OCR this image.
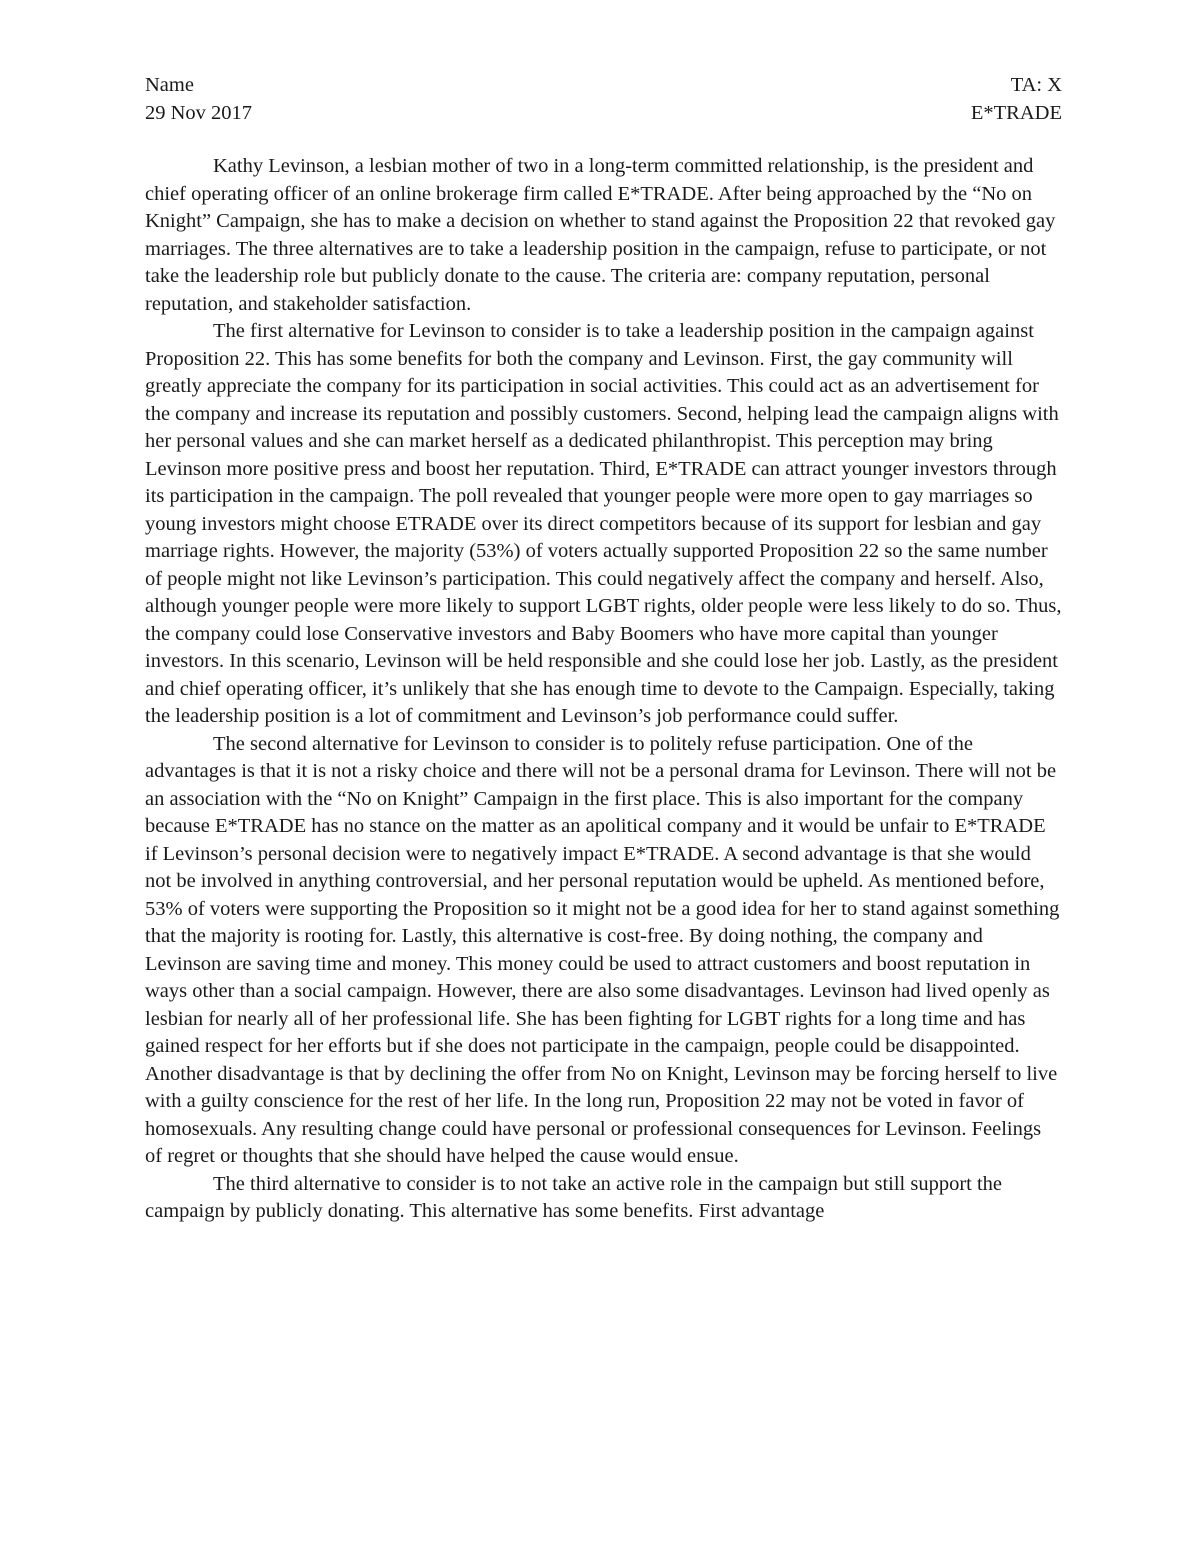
Name	TA: X
29 Nov 2017	E*TRADE

Kathy Levinson, a lesbian mother of two in a long-term committed relationship, is the president and chief operating officer of an online brokerage firm called E*TRADE. After being approached by the “No on Knight” Campaign, she has to make a decision on whether to stand against the Proposition 22 that revoked gay marriages. The three alternatives are to take a leadership position in the campaign, refuse to participate, or not take the leadership role but publicly donate to the cause. The criteria are: company reputation, personal reputation, and stakeholder satisfaction.

The first alternative for Levinson to consider is to take a leadership position in the campaign against Proposition 22. This has some benefits for both the company and Levinson. First, the gay community will greatly appreciate the company for its participation in social activities. This could act as an advertisement for the company and increase its reputation and possibly customers. Second, helping lead the campaign aligns with her personal values and she can market herself as a dedicated philanthropist. This perception may bring Levinson more positive press and boost her reputation. Third, E*TRADE can attract younger investors through its participation in the campaign. The poll revealed that younger people were more open to gay marriages so young investors might choose ETRADE over its direct competitors because of its support for lesbian and gay marriage rights. However, the majority (53%) of voters actually supported Proposition 22 so the same number of people might not like Levinson’s participation. This could negatively affect the company and herself. Also, although younger people were more likely to support LGBT rights, older people were less likely to do so. Thus, the company could lose Conservative investors and Baby Boomers who have more capital than younger investors. In this scenario, Levinson will be held responsible and she could lose her job. Lastly, as the president and chief operating officer, it’s unlikely that she has enough time to devote to the Campaign. Especially, taking the leadership position is a lot of commitment and Levinson’s job performance could suffer.

The second alternative for Levinson to consider is to politely refuse participation. One of the advantages is that it is not a risky choice and there will not be a personal drama for Levinson. There will not be an association with the “No on Knight” Campaign in the first place. This is also important for the company because E*TRADE has no stance on the matter as an apolitical company and it would be unfair to E*TRADE if Levinson’s personal decision were to negatively impact E*TRADE. A second advantage is that she would not be involved in anything controversial, and her personal reputation would be upheld. As mentioned before, 53% of voters were supporting the Proposition so it might not be a good idea for her to stand against something that the majority is rooting for. Lastly, this alternative is cost-free. By doing nothing, the company and Levinson are saving time and money. This money could be used to attract customers and boost reputation in ways other than a social campaign. However, there are also some disadvantages. Levinson had lived openly as lesbian for nearly all of her professional life. She has been fighting for LGBT rights for a long time and has gained respect for her efforts but if she does not participate in the campaign, people could be disappointed. Another disadvantage is that by declining the offer from No on Knight, Levinson may be forcing herself to live with a guilty conscience for the rest of her life. In the long run, Proposition 22 may not be voted in favor of homosexuals. Any resulting change could have personal or professional consequences for Levinson. Feelings of regret or thoughts that she should have helped the cause would ensue.

The third alternative to consider is to not take an active role in the campaign but still support the campaign by publicly donating. This alternative has some benefits. First advantage
